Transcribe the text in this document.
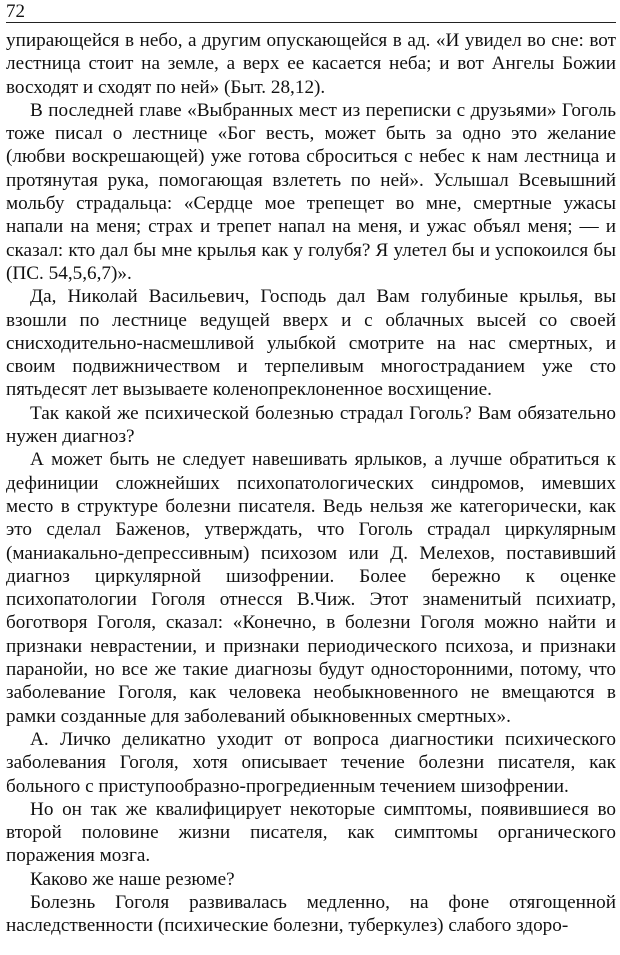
72

упирающейся в небо, а другим опускающейся в ад. «И увидел во сне: вот лестница стоит на земле, а верх ее касается неба; и вот Ангелы Божии восходят и сходят по ней» (Быт. 28,12).

В последней главе «Выбранных мест из переписки с друзьями» Гоголь тоже писал о лестнице «Бог весть, может быть за одно это желание (любви воскрешающей) уже готова сброситься с небес к нам лестница и протянутая рука, помогающая взлететь по ней». Услышал Всевышний мольбу страдальца: «Сердце мое трепещет во мне, смертные ужасы напали на меня; страх и трепет напал на меня, и ужас объял меня; — и сказал: кто дал бы мне крылья как у голубя? Я улетел бы и успокоился бы (ПС. 54,5,6,7)».

Да, Николай Васильевич, Господь дал Вам голубиные крылья, вы взошли по лестнице ведущей вверх и с облачных высей со своей снисходительно-насмешливой улыбкой смотрите на нас смертных, и своим подвижничеством и терпеливым многостраданием уже сто пятьдесят лет вызываете коленопреклоненное восхищение.

Так какой же психической болезнью страдал Гоголь? Вам обязательно нужен диагноз?

А может быть не следует навешивать ярлыков, а лучше обратиться к дефиниции сложнейших психопатологических синдромов, имевших место в структуре болезни писателя. Ведь нельзя же категорически, как это сделал Баженов, утверждать, что Гоголь страдал циркулярным (маниакально-депрессивным) психозом или Д. Мелехов, поставивший диагноз циркулярной шизофрении. Более бережно к оценке психопатологии Гоголя отнесся В.Чиж. Этот знаменитый психиатр, боготворя Гоголя, сказал: «Конечно, в болезни Гоголя можно найти и признаки неврастении, и признаки периодического психоза, и признаки паранойи, но все же такие диагнозы будут односторонними, потому, что заболевание Гоголя, как человека необыкновенного не вмещаются в рамки созданные для заболеваний обыкновенных смертных».

А. Личко деликатно уходит от вопроса диагностики психического заболевания Гоголя, хотя описывает течение болезни писателя, как больного с приступообразно-прогредиенным течением шизофрении.

Но он так же квалифицирует некоторые симптомы, появившиеся во второй половине жизни писателя, как симптомы органического поражения мозга.

Каково же наше резюме?

Болезнь Гоголя развивалась медленно, на фоне отягощенной наследственности (психические болезни, туберкулез) слабого здоро-
